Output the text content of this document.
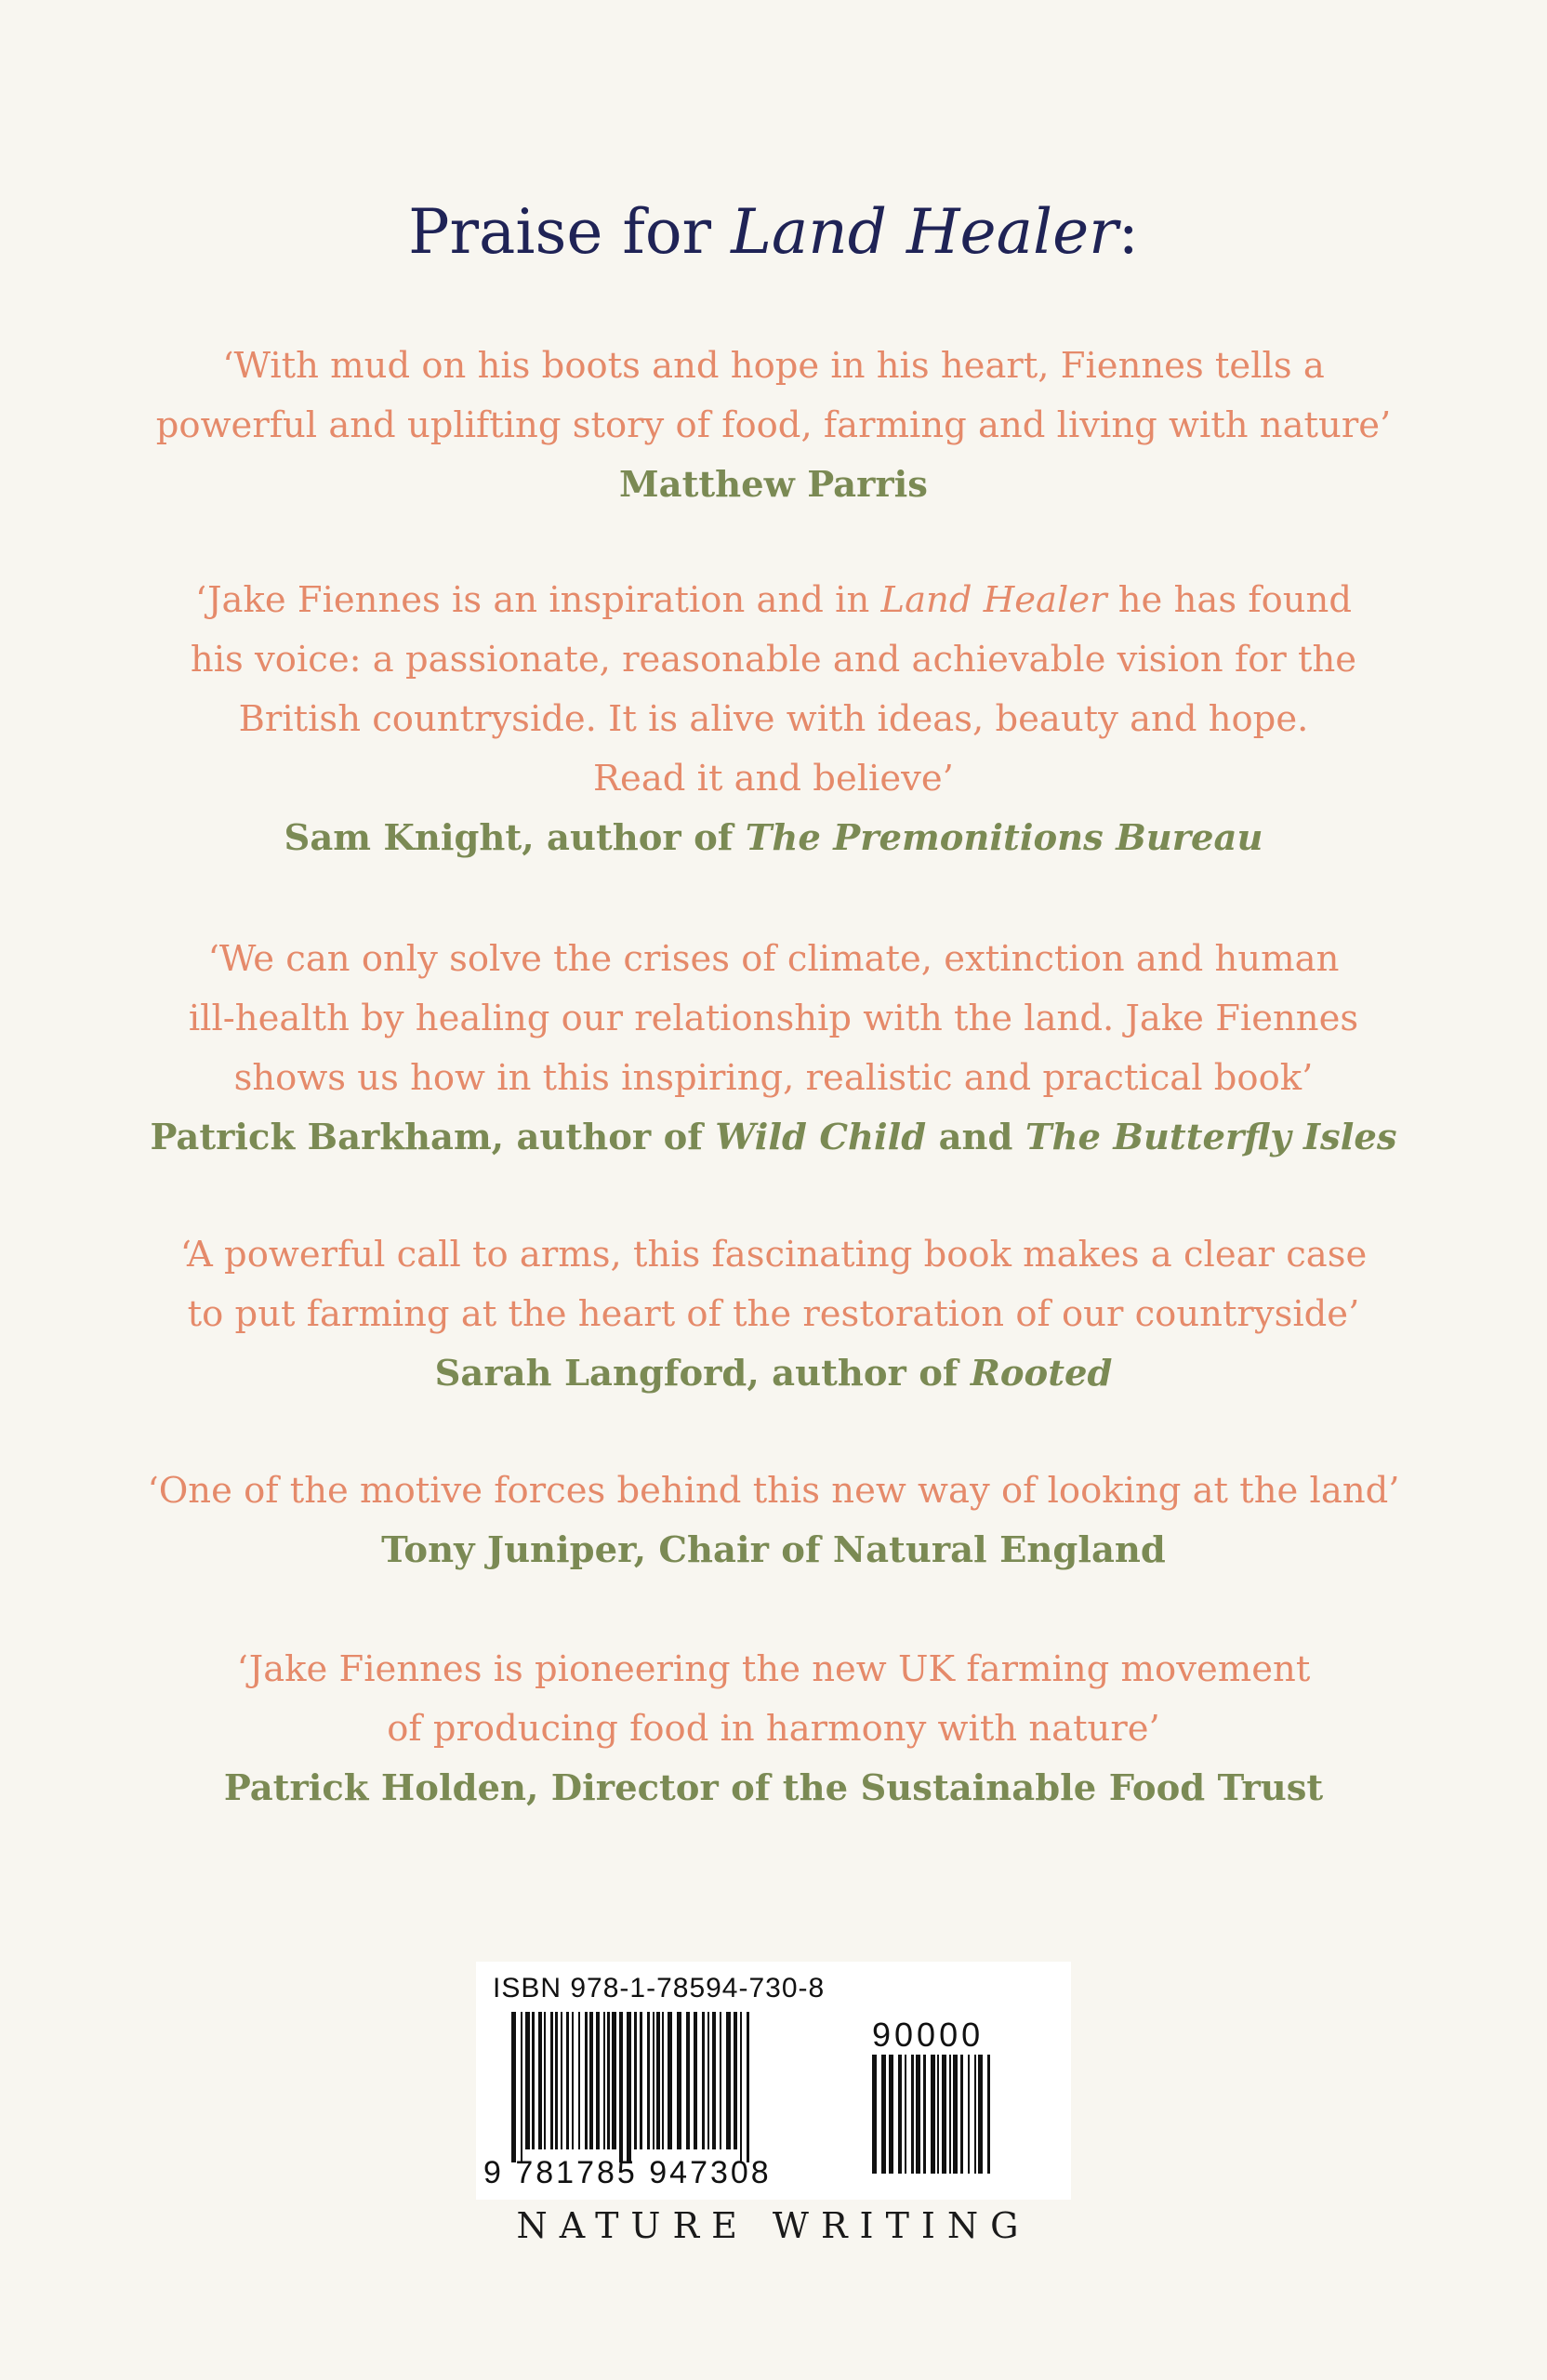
Praise for Land Healer:

‘With mud on his boots and hope in his heart, Fiennes tells a
powerful and uplifting story of food, farming and living with nature’

Matthew Parris

‘Jake Fiennes is an inspiration and in Land Healer he has found
his voice: a passionate, reasonable and achievable vision for the
British countryside. It is alive with ideas, beauty and hope.
Read it and believe’

Sam Knight, author of The Premonitions Bureau

‘We can only solve the crises of climate, extinction and human
ill-health by healing our relationship with the land. Jake Fiennes
shows us how in this inspiring, realistic and practical book’

Patrick Barkham, author of Wild Child and The Butterfly Isles

‘A powerful call to arms, this fascinating book makes a clear case
to put farming at the heart of the restoration of our countryside’

Sarah Langford, author of Rooted

‘One of the motive forces behind this new way of looking at the land’

Tony Juniper, Chair of Natural England

‘Jake Fiennes is pioneering the new UK farming movement
of producing food in harmony with nature’

Patrick Holden, Director of the Sustainable Food Trust

ISBN 978-1-78594-730-8
90000
9 781785 947308
NATURE WRITING
